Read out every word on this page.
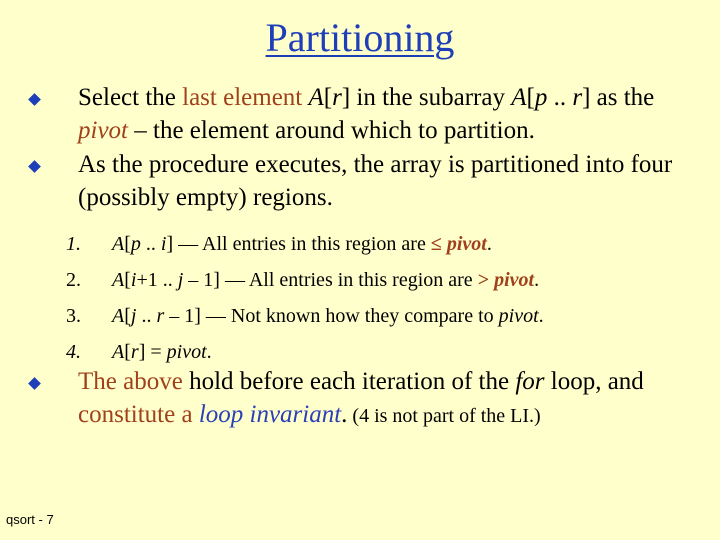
Partitioning
Select the last element A[r] in the subarray A[p .. r] as the pivot – the element around which to partition.
As the procedure executes, the array is partitioned into four (possibly empty) regions.
1.	A[p .. i] — All entries in this region are ≤ pivot.
2.	A[i+1 .. j – 1] — All entries in this region are > pivot.
3.	A[j .. r – 1] — Not known how they compare to pivot.
4.	A[r] = pivot.
The above hold before each iteration of the for loop, and constitute a loop invariant. (4 is not part of the LI.)
qsort - 7
